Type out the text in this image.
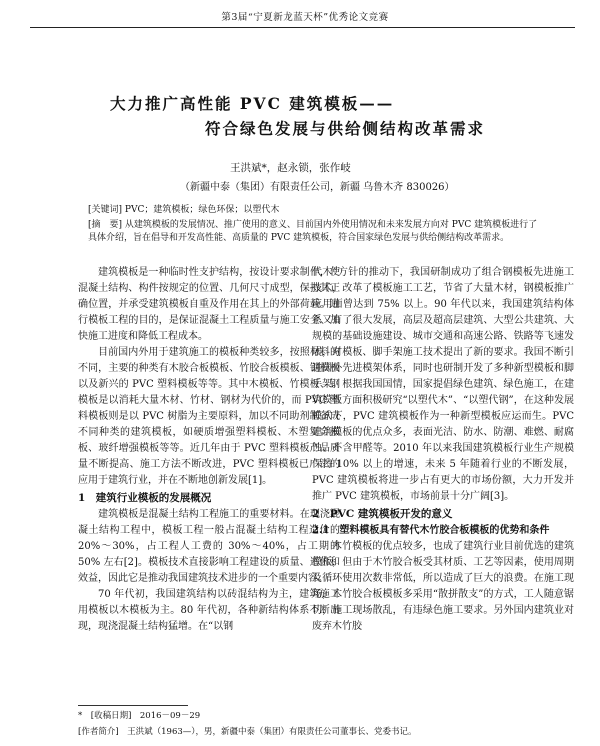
第3届“宁夏新龙蓝天杯”优秀论文竞赛
大力推广高性能 PVC 建筑模板——
符合绿色发展与供给侧结构改革需求
王洪斌*，赵永锁，张作岐
（新疆中泰（集团）有限责任公司，新疆 乌鲁木齐 830026）
[关键词] PVC；建筑模板；绿色环保；以塑代木
[摘　要] 从建筑模板的发展情况、推广使用的意义、目前国内外使用情况和未来发展方向对 PVC 建筑模板进行了具体介绍，旨在倡导和开发高性能、高质量的 PVC 建筑模板，符合国家绿色发展与供给侧结构改革需求。

建筑模板是一种临时性支护结构，按设计要求制作，使混凝土结构、构件按规定的位置、几何尺寸成型，保持其正确位置，并承受建筑模板自重及作用在其上的外部荷载。进行模板工程的目的，是保证混凝土工程质量与施工安全、加快施工进度和降低工程成本。

目前国内外用于建筑施工的模板种类较多，按照材料的不同，主要的种类有木胶合板模板、竹胶合板模板、钢模板以及新兴的 PVC 塑料模板等等。其中木模板、竹模板、钢模板是以消耗大量木材、竹材、钢材为代价的，而 PVC 塑料模板则是以 PVC 树脂为主要原料，加以不同助剂制备成不同种类的建筑模板，如硬质增强塑料模板、木塑复合模板、玻纤增强模板等等。近几年由于 PVC 塑料模板产品质量不断提高、施工方法不断改进，PVC 塑料模板已广泛的应用于建筑行业，并在不断地创新发展[1]。

1　建筑行业模板的发展概况

建筑模板是混凝土结构工程施工的重要材料。在现浇混凝土结构工程中，模板工程一般占混凝土结构工程造价的 20%～30%，占工程人工费的 30%～40%，占工期的 50% 左右[2]。模板技术直接影响工程建设的质量、造价和效益，因此它是推动我国建筑技术进步的一个重要内容。

70 年代初，我国建筑结构以砖混结构为主，建筑施工用模板以木模板为主。80 年代初，各种新结构体系不断出现，现浇混凝土结构猛增。在“以钢

代木”方针的推动下，我国研制成功了组合钢模板先进施工技术，改革了模板施工工艺，节省了大量木材，钢模板推广应用面曾达到 75% 以上。90 年代以来，我国建筑结构体系又有了很大发展，高层及超高层建筑、大型公共建筑、大规模的基础设施建设、城市交通和高速公路、铁路等飞速发展，对模板、脚手架施工技术提出了新的要求。我国不断引进国外先进模架体系，同时也研制开发了多种新型模板和脚手架。根据我国国情，国家提倡绿色建筑、绿色施工，在建筑模板方面积极研究“以塑代木”、“以塑代钢”，在这种发展模式下，PVC 建筑模板作为一种新型模板应运而生。PVC 建筑模板的优点众多，表面光洁、防水、防潮、难燃、耐腐蚀、不含甲醛等。2010 年以来我国建筑模板行业生产规模保持 10% 以上的增速，未来 5 年随着行业的不断发展，PVC 建筑模板将进一步占有更大的市场份额，大力开发并推广 PVC 建筑模板，市场前景十分广阔[3]。

2　PVC 建筑模板开发的意义

2.1　塑料模板具有替代木竹胶合板模板的优势和条件

木竹模板的优点较多，也成了建筑行业目前优选的建筑模板，但由于木竹胶合板受其材质、工艺等因素，使用周期及循环使用次数非常低，所以造成了巨大的浪费。在施工现场，木竹胶合板模板多采用“散拼散支”的方式，工人随意锯切，施工现场散乱，有违绿色施工要求。另外国内建筑业对废弃木竹胶

*　[收稿日期]　2016－09－29
[作者简介]　王洪斌（1963—），男，新疆中泰（集团）有限责任公司董事长、党委书记。
